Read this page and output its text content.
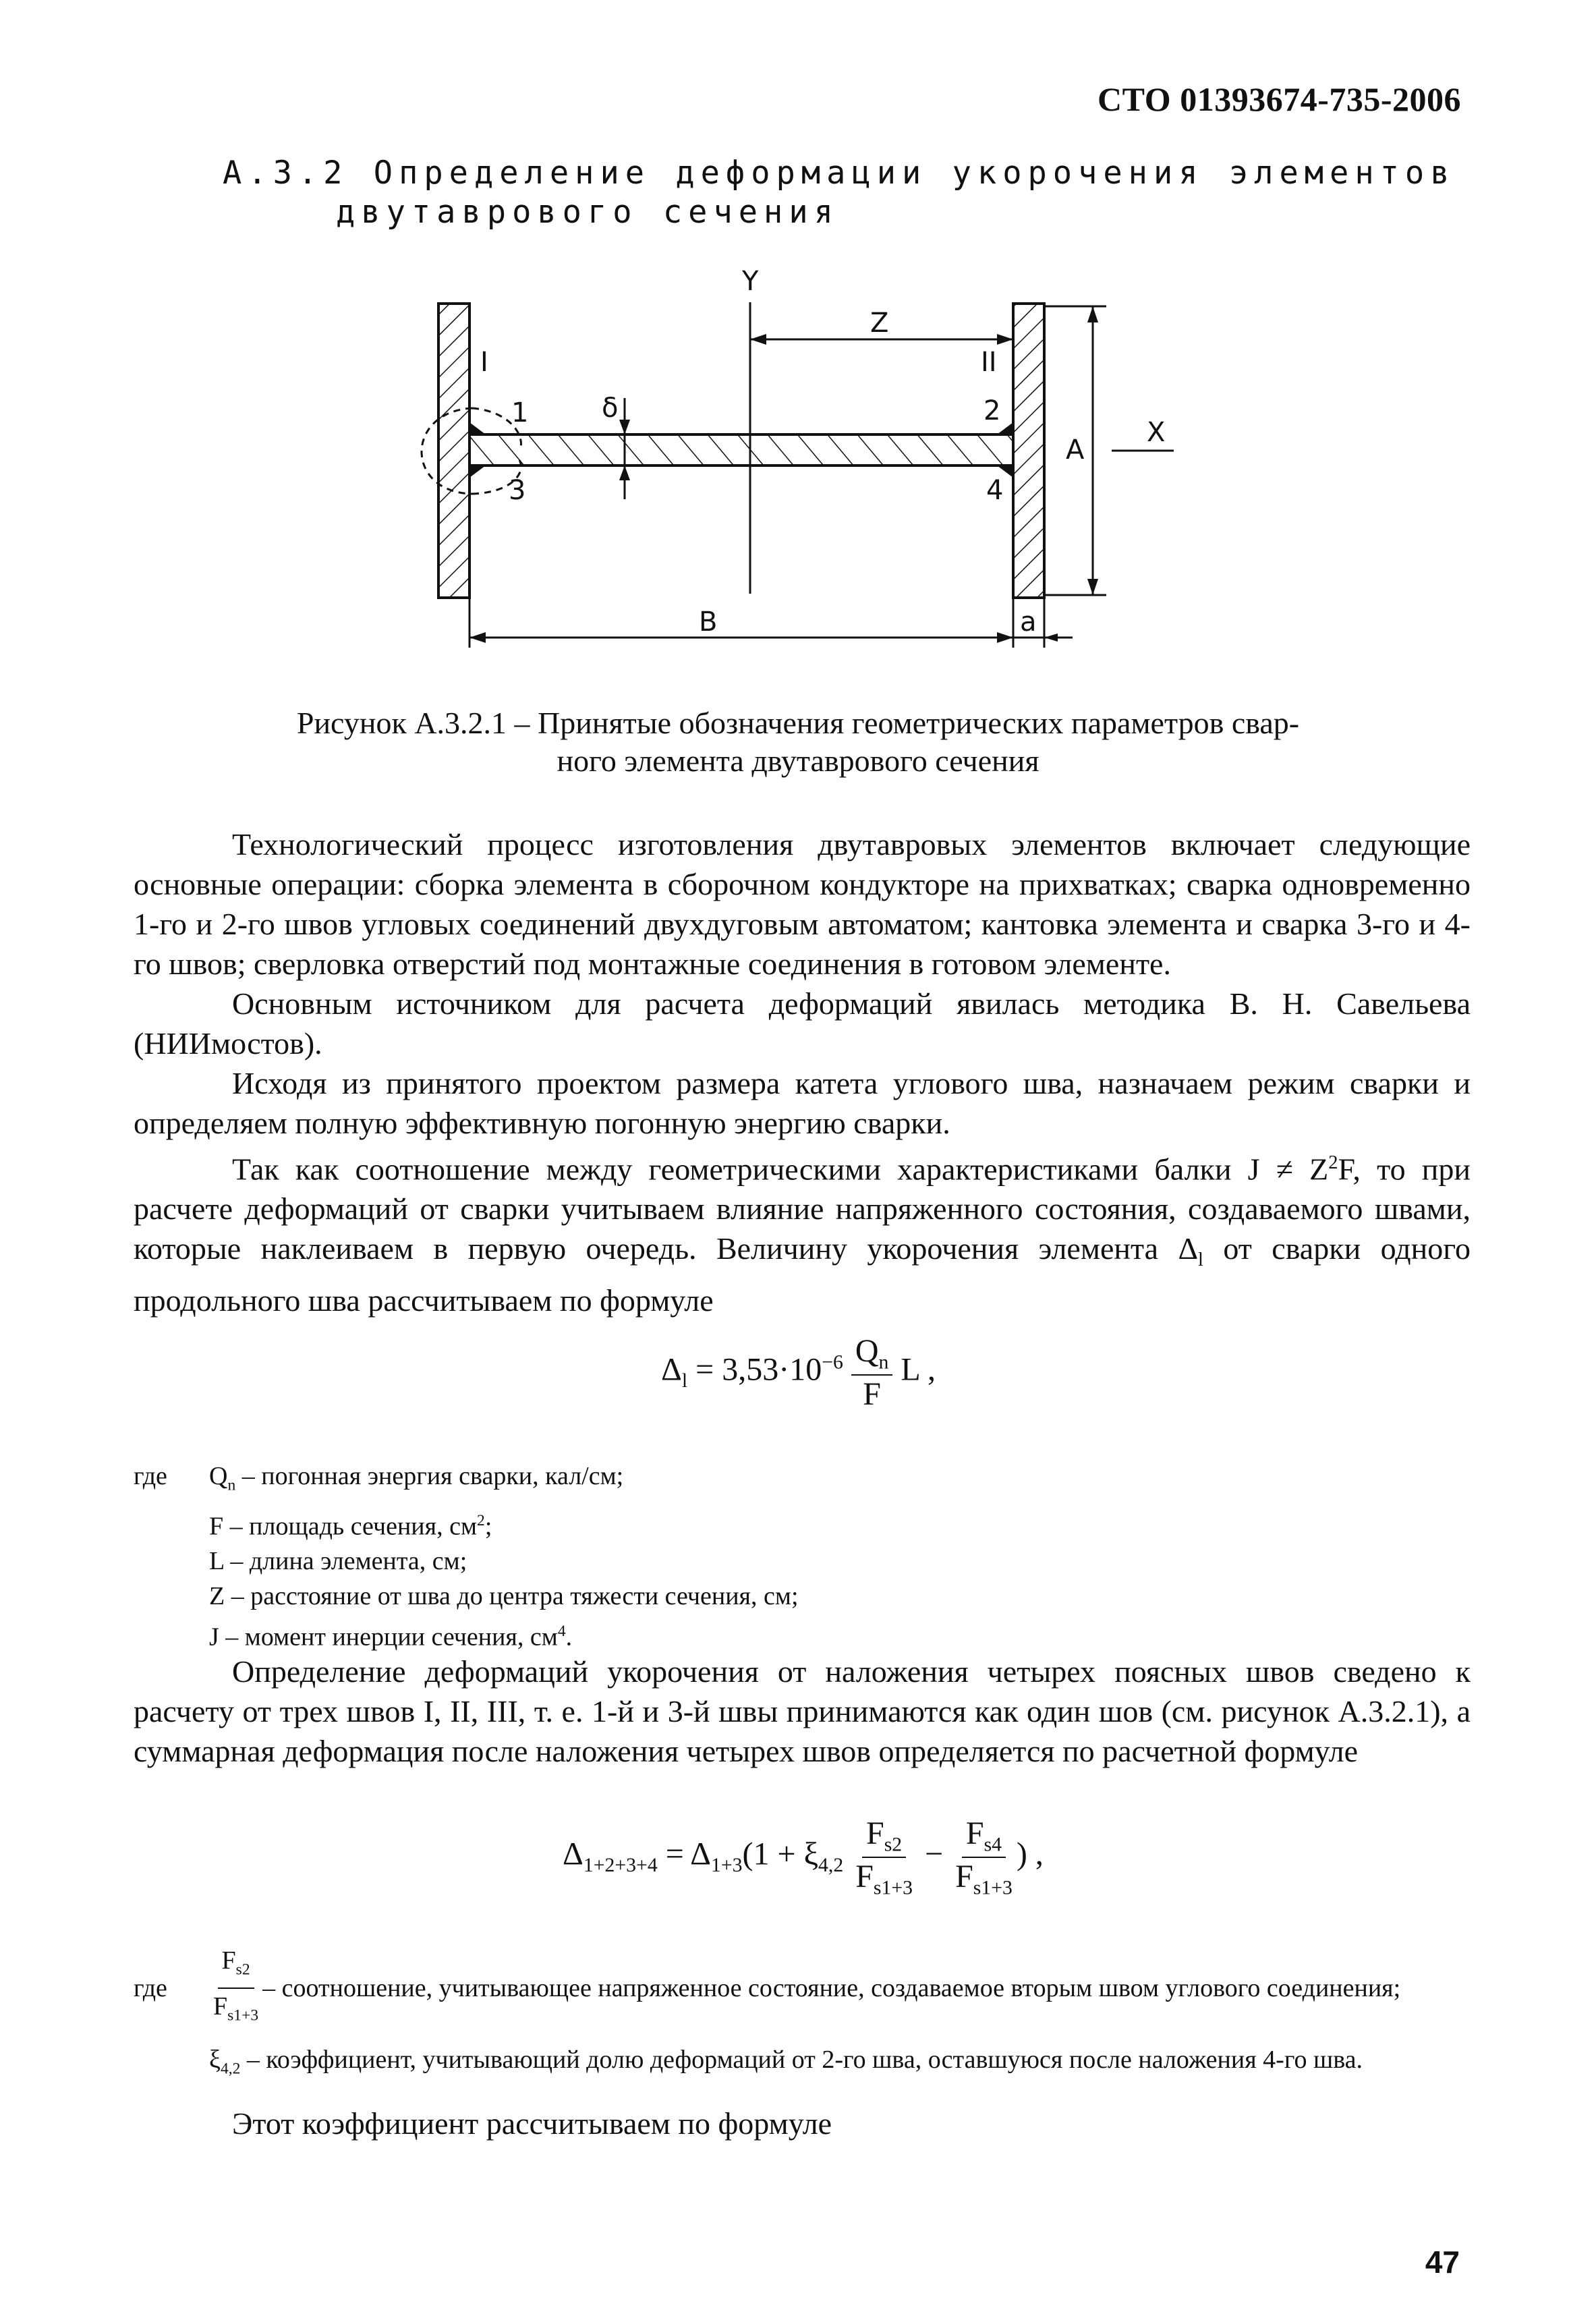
СТО 01393674-735-2006
А.3.2 Определение деформации укорочения элементов
двутаврового сечения
Y
Z
X
I	II
1	2
3	4
δ
A
B	a
Рисунок А.3.2.1 – Принятые обозначения геометрических параметров свар-
ного элемента двутаврового сечения

Технологический процесс изготовления двутавровых элементов включает следующие основные операции: сборка элемента в сборочном кондукторе на прихватках; сварка одновременно 1-го и 2-го швов угловых соединений двухдуговым автоматом; кантовка элемента и сварка 3-го и 4-го швов; сверловка отверстий под монтажные соединения в готовом элементе.

Основным источником для расчета деформаций явилась методика В. Н. Савельева (НИИмостов).

Исходя из принятого проектом размера катета углового шва, назначаем режим сварки и определяем полную эффективную погонную энергию сварки.

Так как соотношение между геометрическими характеристиками балки $J \ne Z^2F$, то при расчете деформаций от сварки учитываем влияние напряженного состояния, создаваемого швами, которые наклеиваем в первую очередь. Величину укорочения элемента $\Delta_l$ от сварки одного продольного шва рассчитываем по формуле

$\Delta_l = 3,53\cdot 10^{-6} \frac{Q_n}{F}$ L ,
где	$Q_n$ – погонная энергия сварки, кал/см;
F – площадь сечения, $см^2$;
L – длина элемента, см;
Z – расстояние от шва до центра тяжести сечения, см;
J – момент инерции сечения, $см^4$.

Определение деформаций укорочения от наложения четырех поясных швов сведено к расчету от трех швов I, II, III, т. е. 1-й и 3-й швы принимаются как один шов (см. рисунок А.3.2.1), а суммарная деформация после наложения четырех швов определяется по расчетной формуле

$\Delta_{1+2+3+4} = \Delta_{1+3}(1 + \xi_{4,2} \frac{F_{s2}}{F_{s1+3}} - \frac{F_{s4}}{F_{s1+3}}$ ) ,
где	$\frac{F_{s2}}{F_{s1+3}}$ – соотношение, учитывающее напряженное состояние, создаваемое вторым швом углового соединения;
$\xi_{4,2}$ – коэффициент, учитывающий долю деформаций от 2-го шва, оставшуюся после наложения 4-го шва.

Этот коэффициент рассчитываем по формуле

47
